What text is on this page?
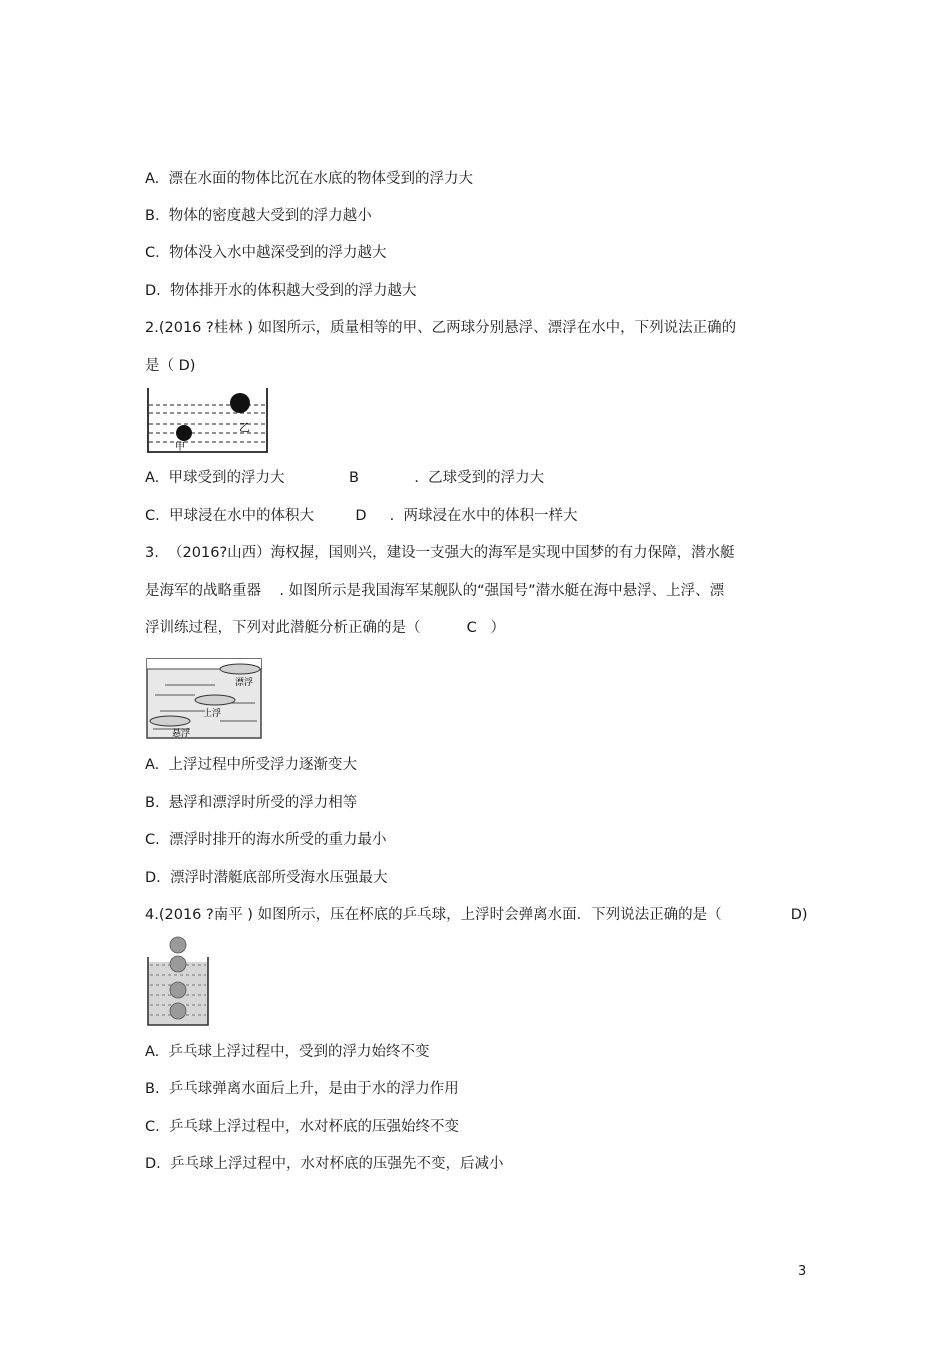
A.  漂在水面的物体比沉在水底的物体受到的浮力大
B.  物体的密度越大受到的浮力越小
C.  物体没入水中越深受到的浮力越大
D.  物体排开水的体积越大受到的浮力越大
2.(2016 ?桂林 ) 如图所示，质量相等的甲、乙两球分别悬浮、漂浮在水中，下列说法正确的
是（ D)
乙
甲
A.  甲球受到的浮力大              B            .  乙球受到的浮力大
C.  甲球浸在水中的体积大         D     .  两球浸在水中的体积一样大
3.  （2016?山西）海权握，国则兴，建设一支强大的海军是实现中国梦的有力保障，潜水艇
是海军的战略重器    . 如图所示是我国海军某舰队的“强国号”潜水艇在海中悬浮、上浮、漂
浮训练过程，下列对此潜艇分析正确的是（          C   ）
漂浮
上浮
悬浮
A.  上浮过程中所受浮力逐渐变大
B.  悬浮和漂浮时所受的浮力相等
C.  漂浮时排开的海水所受的重力最小
D.  漂浮时潜艇底部所受海水压强最大
4.(2016 ?南平 ) 如图所示，压在杯底的乒乓球，上浮时会弹离水面．下列说法正确的是（               D)
A.  乒乓球上浮过程中，受到的浮力始终不变
B.  乒乓球弹离水面后上升，是由于水的浮力作用
C.  乒乓球上浮过程中，水对杯底的压强始终不变
D.  乒乓球上浮过程中，水对杯底的压强先不变，后减小
3
